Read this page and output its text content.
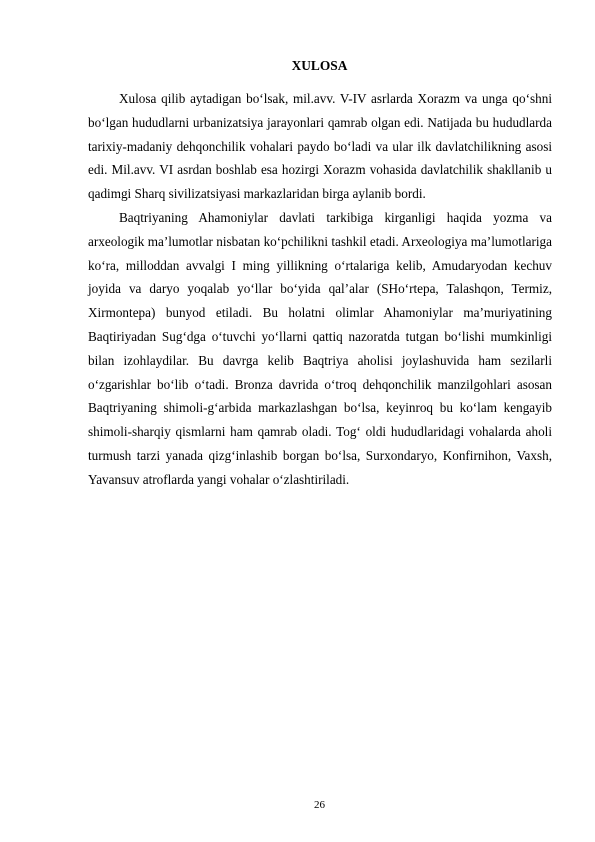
XULOSA

Xulosa qilib aytadigan bo‘lsak, mil.avv. V-IV asrlarda Xorazm va unga qo‘shni bo‘lgan hududlarni urbanizatsiya jarayonlari qamrab olgan edi. Natijada bu hududlarda tarixiy-madaniy dehqonchilik vohalari paydo bo‘ladi va ular ilk davlatchilikning asosi edi. Mil.avv. VI asrdan boshlab esa hozirgi Xorazm vohasida davlatchilik shakllanib u qadimgi Sharq sivilizatsiyasi markazlaridan birga aylanib bordi.

Baqtriyaning Ahamoniylar davlati tarkibiga kirganligi haqida yozma va arxeologik ma’lumotlar nisbatan ko‘pchilikni tashkil etadi. Arxeologiya ma’lumotlariga ko‘ra, milloddan avvalgi I ming yillikning o‘rtalariga kelib, Amudaryodan kechuv joyida va daryo yoqalab yo‘llar bo‘yida qal’alar (SHo‘rtepa, Talashqon, Termiz, Xirmontepa) bunyod etiladi. Bu holatni olimlar Ahamoniylar ma’muriyatining Baqtiriyadan Sug‘dga o‘tuvchi yo‘llarni qattiq nazoratda tutgan bo‘lishi mumkinligi bilan izohlaydilar. Bu davrga kelib Baqtriya aholisi joylashuvida ham sezilarli o‘zgarishlar bo‘lib o‘tadi. Bronza davrida o‘troq dehqonchilik manzilgohlari asosan Baqtriyaning shimoli-g‘arbida markazlashgan bo‘lsa, keyinroq bu ko‘lam kengayib shimoli-sharqiy qismlarni ham qamrab oladi. Tog‘ oldi hududlaridagi vohalarda aholi turmush tarzi yanada qizg‘inlashib borgan bo‘lsa, Surxondaryo, Konfirnihon, Vaxsh, Yavansuv atroflarda yangi vohalar o‘zlashtiriladi.

26
